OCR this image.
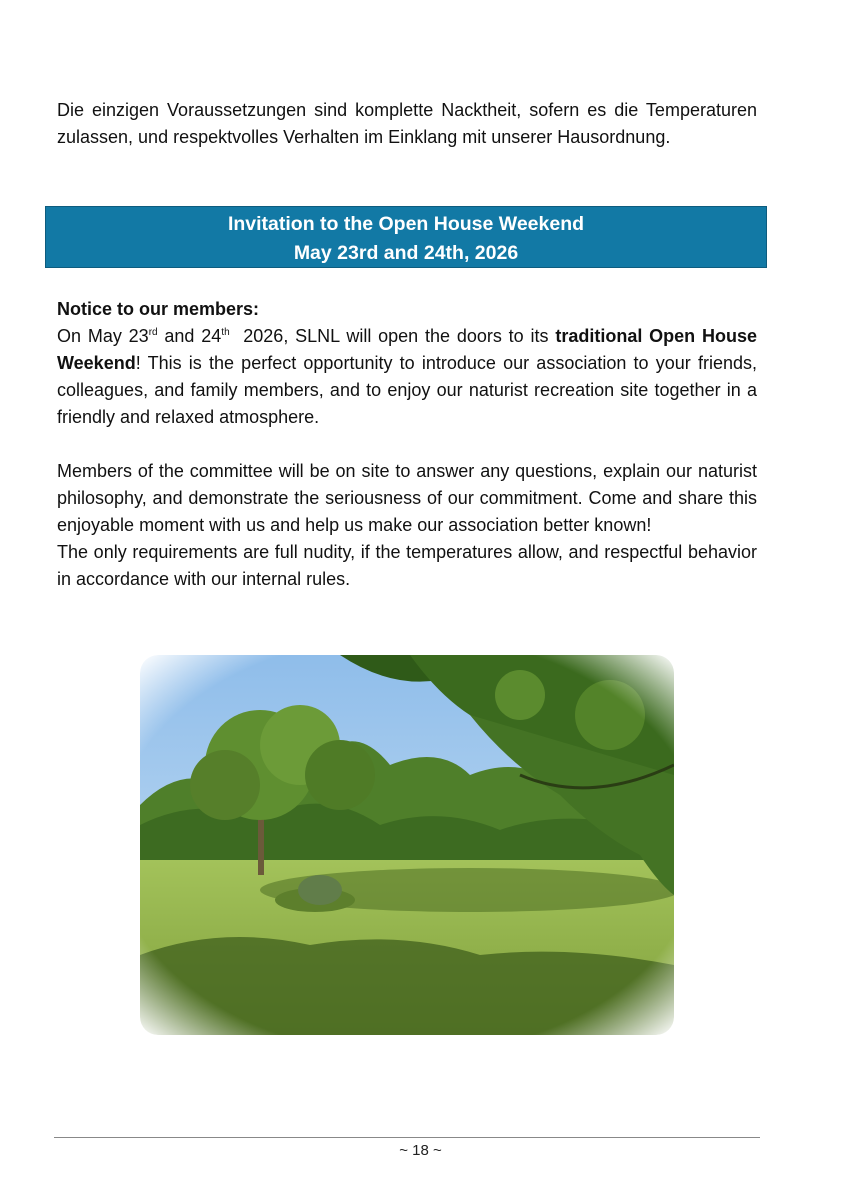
Die einzigen Voraussetzungen sind komplette Nacktheit, sofern es die Temperaturen zulassen, und respektvolles Verhalten im Einklang mit unserer Hausordnung.

Invitation to the Open House Weekend
May 23rd and 24th, 2026
Notice to our members:
On May 23rd and 24th  2026, SLNL will open the doors to its traditional Open House Weekend! This is the perfect opportunity to introduce our association to your friends, colleagues, and family members, and to enjoy our naturist recreation site together in a friendly and relaxed atmosphere.
Members of the committee will be on site to answer any questions, explain our naturist philosophy, and demonstrate the seriousness of our commitment. Come and share this enjoyable moment with us and help us make our association better known!
The only requirements are full nudity, if the temperatures allow, and respectful behavior in accordance with our internal rules.
~ 18 ~
